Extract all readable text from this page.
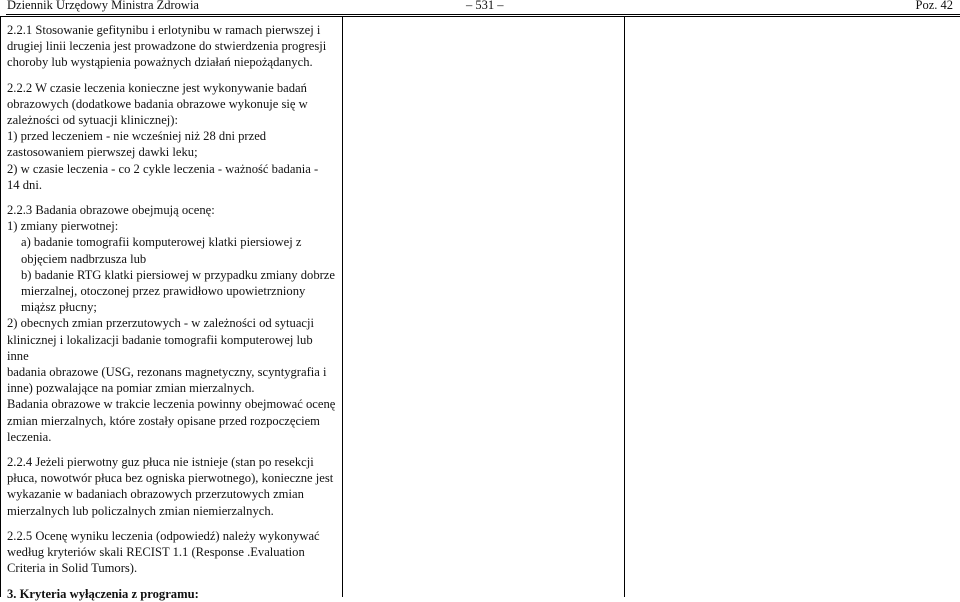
Dziennik Urzędowy Ministra Zdrowia	– 531 –	Poz. 42

2.2.1 Stosowanie gefitynibu i erlotynibu w ramach pierwszej i

drugiej linii leczenia jest prowadzone do stwierdzenia progresji

choroby lub wystąpienia poważnych działań niepożądanych.

2.2.2 W czasie leczenia konieczne jest wykonywanie badań

obrazowych (dodatkowe badania obrazowe wykonuje się w

zależności od sytuacji klinicznej):

1) przed leczeniem - nie wcześniej niż 28 dni przed

zastosowaniem pierwszej dawki leku;

2) w czasie leczenia - co 2 cykle leczenia - ważność badania -

14 dni.

2.2.3 Badania obrazowe obejmują ocenę:

1) zmiany pierwotnej:

a) badanie tomografii komputerowej klatki piersiowej z

objęciem nadbrzusza lub

b) badanie RTG klatki piersiowej w przypadku zmiany dobrze

mierzalnej, otoczonej przez prawidłowo upowietrzniony

miąższ płucny;

2) obecnych zmian przerzutowych - w zależności od sytuacji

klinicznej i lokalizacji badanie tomografii komputerowej lub inne

badania obrazowe (USG, rezonans magnetyczny, scyntygrafia i

inne) pozwalające na pomiar zmian mierzalnych.

Badania obrazowe w trakcie leczenia powinny obejmować ocenę

zmian mierzalnych, które zostały opisane przed rozpoczęciem

leczenia.

2.2.4 Jeżeli pierwotny guz płuca nie istnieje (stan po resekcji

płuca, nowotwór płuca bez ogniska pierwotnego), konieczne jest

wykazanie w badaniach obrazowych przerzutowych zmian

mierzalnych lub policzalnych zmian niemierzalnych.

2.2.5 Ocenę wyniku leczenia (odpowiedź) należy wykonywać

według kryteriów skali RECIST 1.1 (Response .Evaluation

Criteria in Solid Tumors).

3. Kryteria wyłączenia z programu:
